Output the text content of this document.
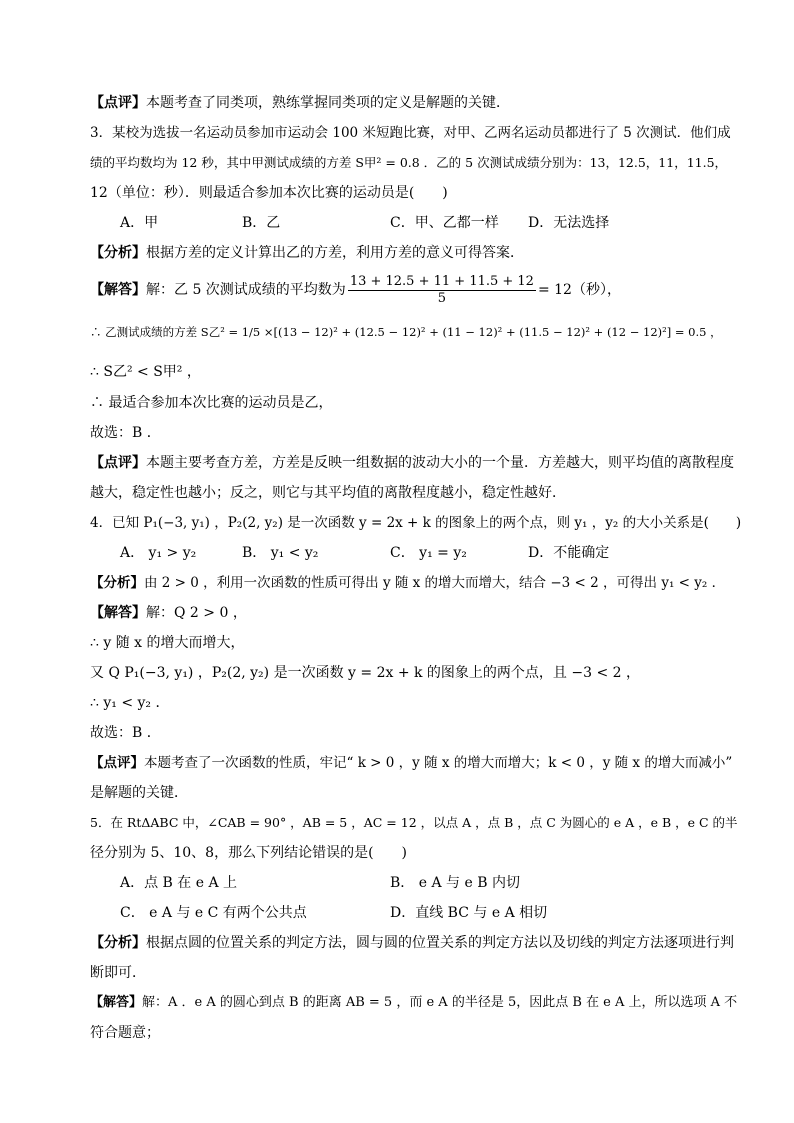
【点评】本题考查了同类项，熟练掌握同类项的定义是解题的关键．
3．某校为选拔一名运动员参加市运动会 100 米短跑比赛，对甲、乙两名运动员都进行了 5 次测试．他们成
绩的平均数均为 12 秒，其中甲测试成绩的方差 S甲² = 0.8 ．乙的 5 次测试成绩分别为：13，12.5，11，11.5，
12（单位：秒）．则最适合参加本次比赛的运动员是(　　)
A．甲	B．乙	C．甲、乙都一样 D．无法选择
【分析】根据方差的定义计算出乙的方差，利用方差的意义可得答案．
【解答】解：乙 5 次测试成绩的平均数为 $\frac{13 + 12.5 + 11 + 11.5 + 12}{5} = 12$（秒），
∴ 乙测试成绩的方差 S乙² = 1/5 ×[(13 − 12)² + (12.5 − 12)² + (11 − 12)² + (11.5 − 12)² + (12 − 12)²] = 0.5 ，
∴ S乙² < S甲² ，
∴ 最适合参加本次比赛的运动员是乙，
故选：B ．
【点评】本题主要考查方差，方差是反映一组数据的波动大小的一个量．方差越大，则平均值的离散程度
越大，稳定性也越小；反之，则它与其平均值的离散程度越小，稳定性越好．
4．已知 P₁(−3, y₁) ，P₂(2, y₂) 是一次函数 y = 2x + k 的图象上的两个点，则 y₁ ，y₂ 的大小关系是(　　)
A． y₁ > y₂	B． y₁ < y₂	C． y₁ = y₂	D．不能确定
【分析】由 2 > 0 ，利用一次函数的性质可得出 y 随 x 的增大而增大，结合 −3 < 2 ，可得出 y₁ < y₂ ．
【解答】解：Q 2 > 0 ，
∴ y 随 x 的增大而增大，
又 Q P₁(−3, y₁) ，P₂(2, y₂) 是一次函数 y = 2x + k 的图象上的两个点，且 −3 < 2 ，
∴ y₁ < y₂ ．
故选：B ．
【点评】本题考查了一次函数的性质，牢记“ k > 0 ，y 随 x 的增大而增大；k < 0 ，y 随 x 的增大而减小”
是解题的关键．
5．在 RtΔABC 中，∠CAB = 90° ，AB = 5 ，AC = 12 ，以点 A ，点 B ，点 C 为圆心的 e A ，e B ，e C 的半
径分别为 5、10、8，那么下列结论错误的是(　　)
A．点 B 在 e A 上	B． e A 与 e B 内切
C． e A 与 e C 有两个公共点	D．直线 BC 与 e A 相切
【分析】根据点圆的位置关系的判定方法，圆与圆的位置关系的判定方法以及切线的判定方法逐项进行判
断即可．
【解答】解：A ．e A 的圆心到点 B 的距离 AB = 5 ，而 e A 的半径是 5，因此点 B 在 e A 上，所以选项 A 不
符合题意；
